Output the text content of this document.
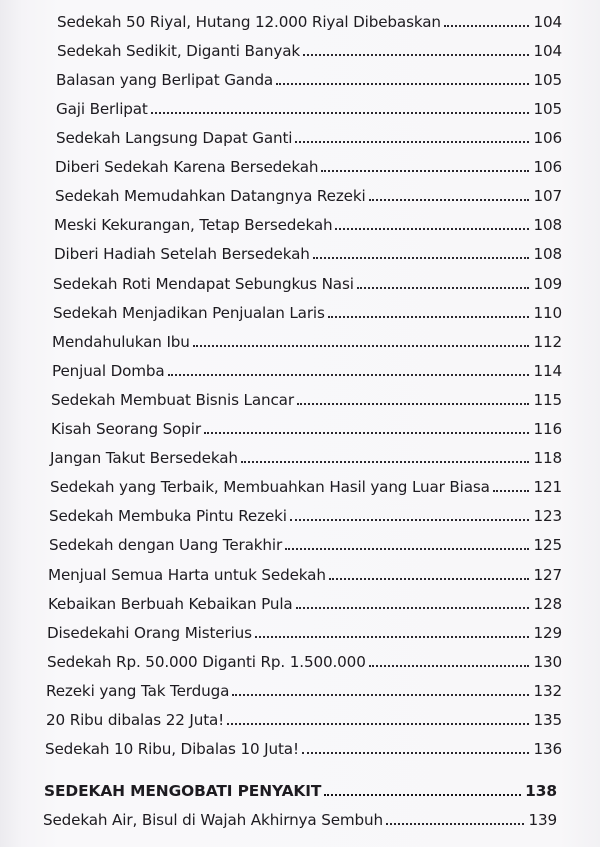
Sedekah 50 Riyal, Hutang 12.000 Riyal Dibebaskan	104
Sedekah Sedikit, Diganti Banyak	104
Balasan yang Berlipat Ganda	105
Gaji Berlipat	105
Sedekah Langsung Dapat Ganti	106
Diberi Sedekah Karena Bersedekah	106
Sedekah Memudahkan Datangnya Rezeki	107
Meski Kekurangan, Tetap Bersedekah	108
Diberi Hadiah Setelah Bersedekah	108
Sedekah Roti Mendapat Sebungkus Nasi	109
Sedekah Menjadikan Penjualan Laris	110
Mendahulukan Ibu	112
Penjual Domba	114
Sedekah Membuat Bisnis Lancar	115
Kisah Seorang Sopir	116
Jangan Takut Bersedekah	118
Sedekah yang Terbaik, Membuahkan Hasil yang Luar Biasa	121
Sedekah Membuka Pintu Rezeki	123
Sedekah dengan Uang Terakhir	125
Menjual Semua Harta untuk Sedekah	127
Kebaikan Berbuah Kebaikan Pula	128
Disedekahi Orang Misterius	129
Sedekah Rp. 50.000 Diganti Rp. 1.500.000	130
Rezeki yang Tak Terduga	132
20 Ribu dibalas 22 Juta!	135
Sedekah 10 Ribu, Dibalas 10 Juta!	136
SEDEKAH MENGOBATI PENYAKIT	138
Sedekah Air, Bisul di Wajah Akhirnya Sembuh	139
